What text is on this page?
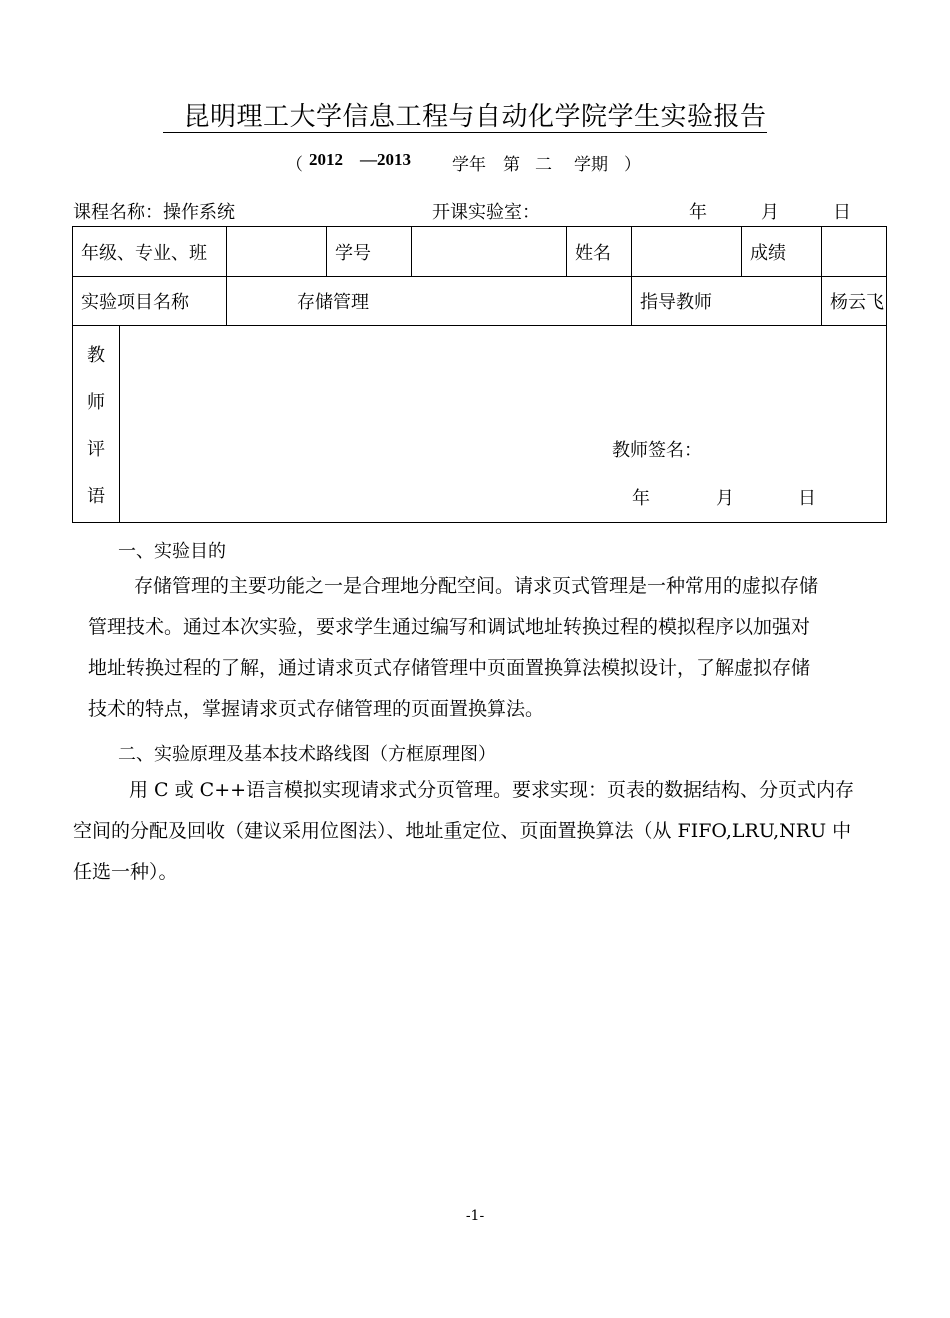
昆明理工大学信息工程与自动化学院学生实验报告
（ 2012 —2013 学年 第 二 学期 ）
课程名称：操作系统	开课实验室：	年	月	日
年级、专业、班			学号		姓名		成绩	
实验项目名称		存储管理				指导教师		杨云飞

教
师
评
语	教师签名：
年 月 日							
一、实验目的

存储管理的主要功能之一是合理地分配空间。请求页式管理是一种常用的虚拟存储

管理技术。通过本次实验，要求学生通过编写和调试地址转换过程的模拟程序以加强对

地址转换过程的了解，通过请求页式存储管理中页面置换算法模拟设计，了解虚拟存储

技术的特点，掌握请求页式存储管理的页面置换算法。

二、实验原理及基本技术路线图（方框原理图）

用 C 或 C++语言模拟实现请求式分页管理。要求实现：页表的数据结构、分页式内存

空间的分配及回收（建议采用位图法）、地址重定位、页面置换算法（从 FIFO,LRU,NRU 中

任选一种）。

-1-
